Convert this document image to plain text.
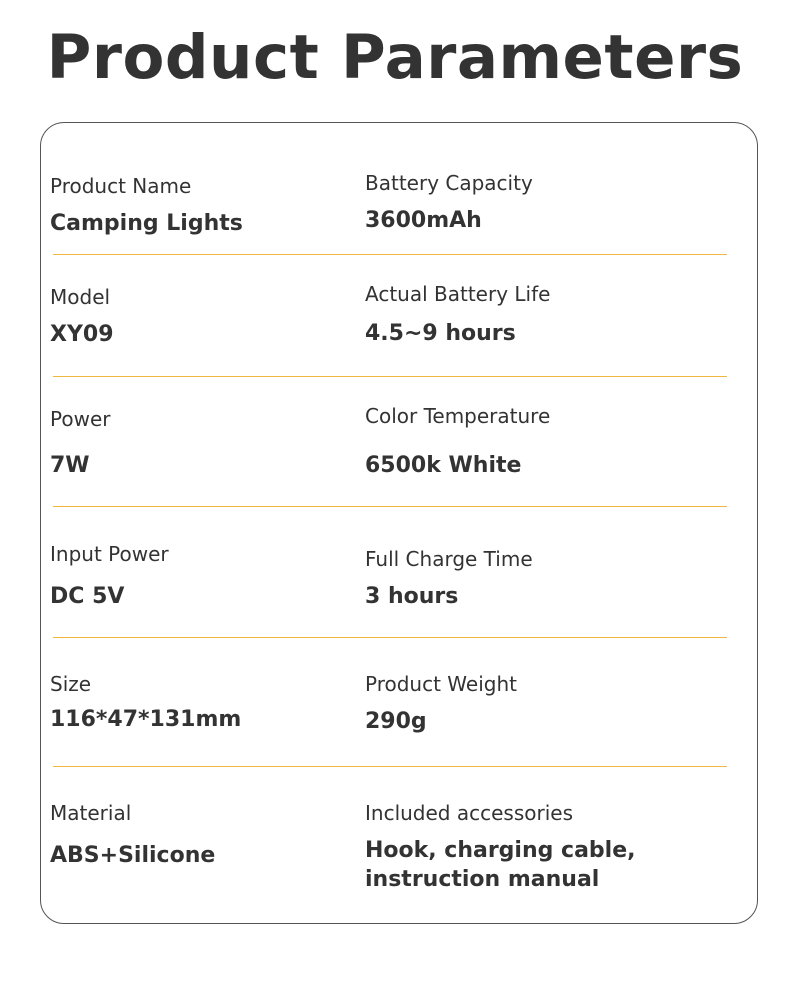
Product Parameters
Product Name
Camping Lights
Battery Capacity
3600mAh
Model
XY09
Actual Battery Life
4.5~9 hours
Power
7W
Color Temperature
6500k White
Input Power
DC 5V
Full Charge Time
3 hours
Size
116*47*131mm
Product Weight
290g
Material
ABS+Silicone
Included accessories
Hook, charging cable,
instruction manual
